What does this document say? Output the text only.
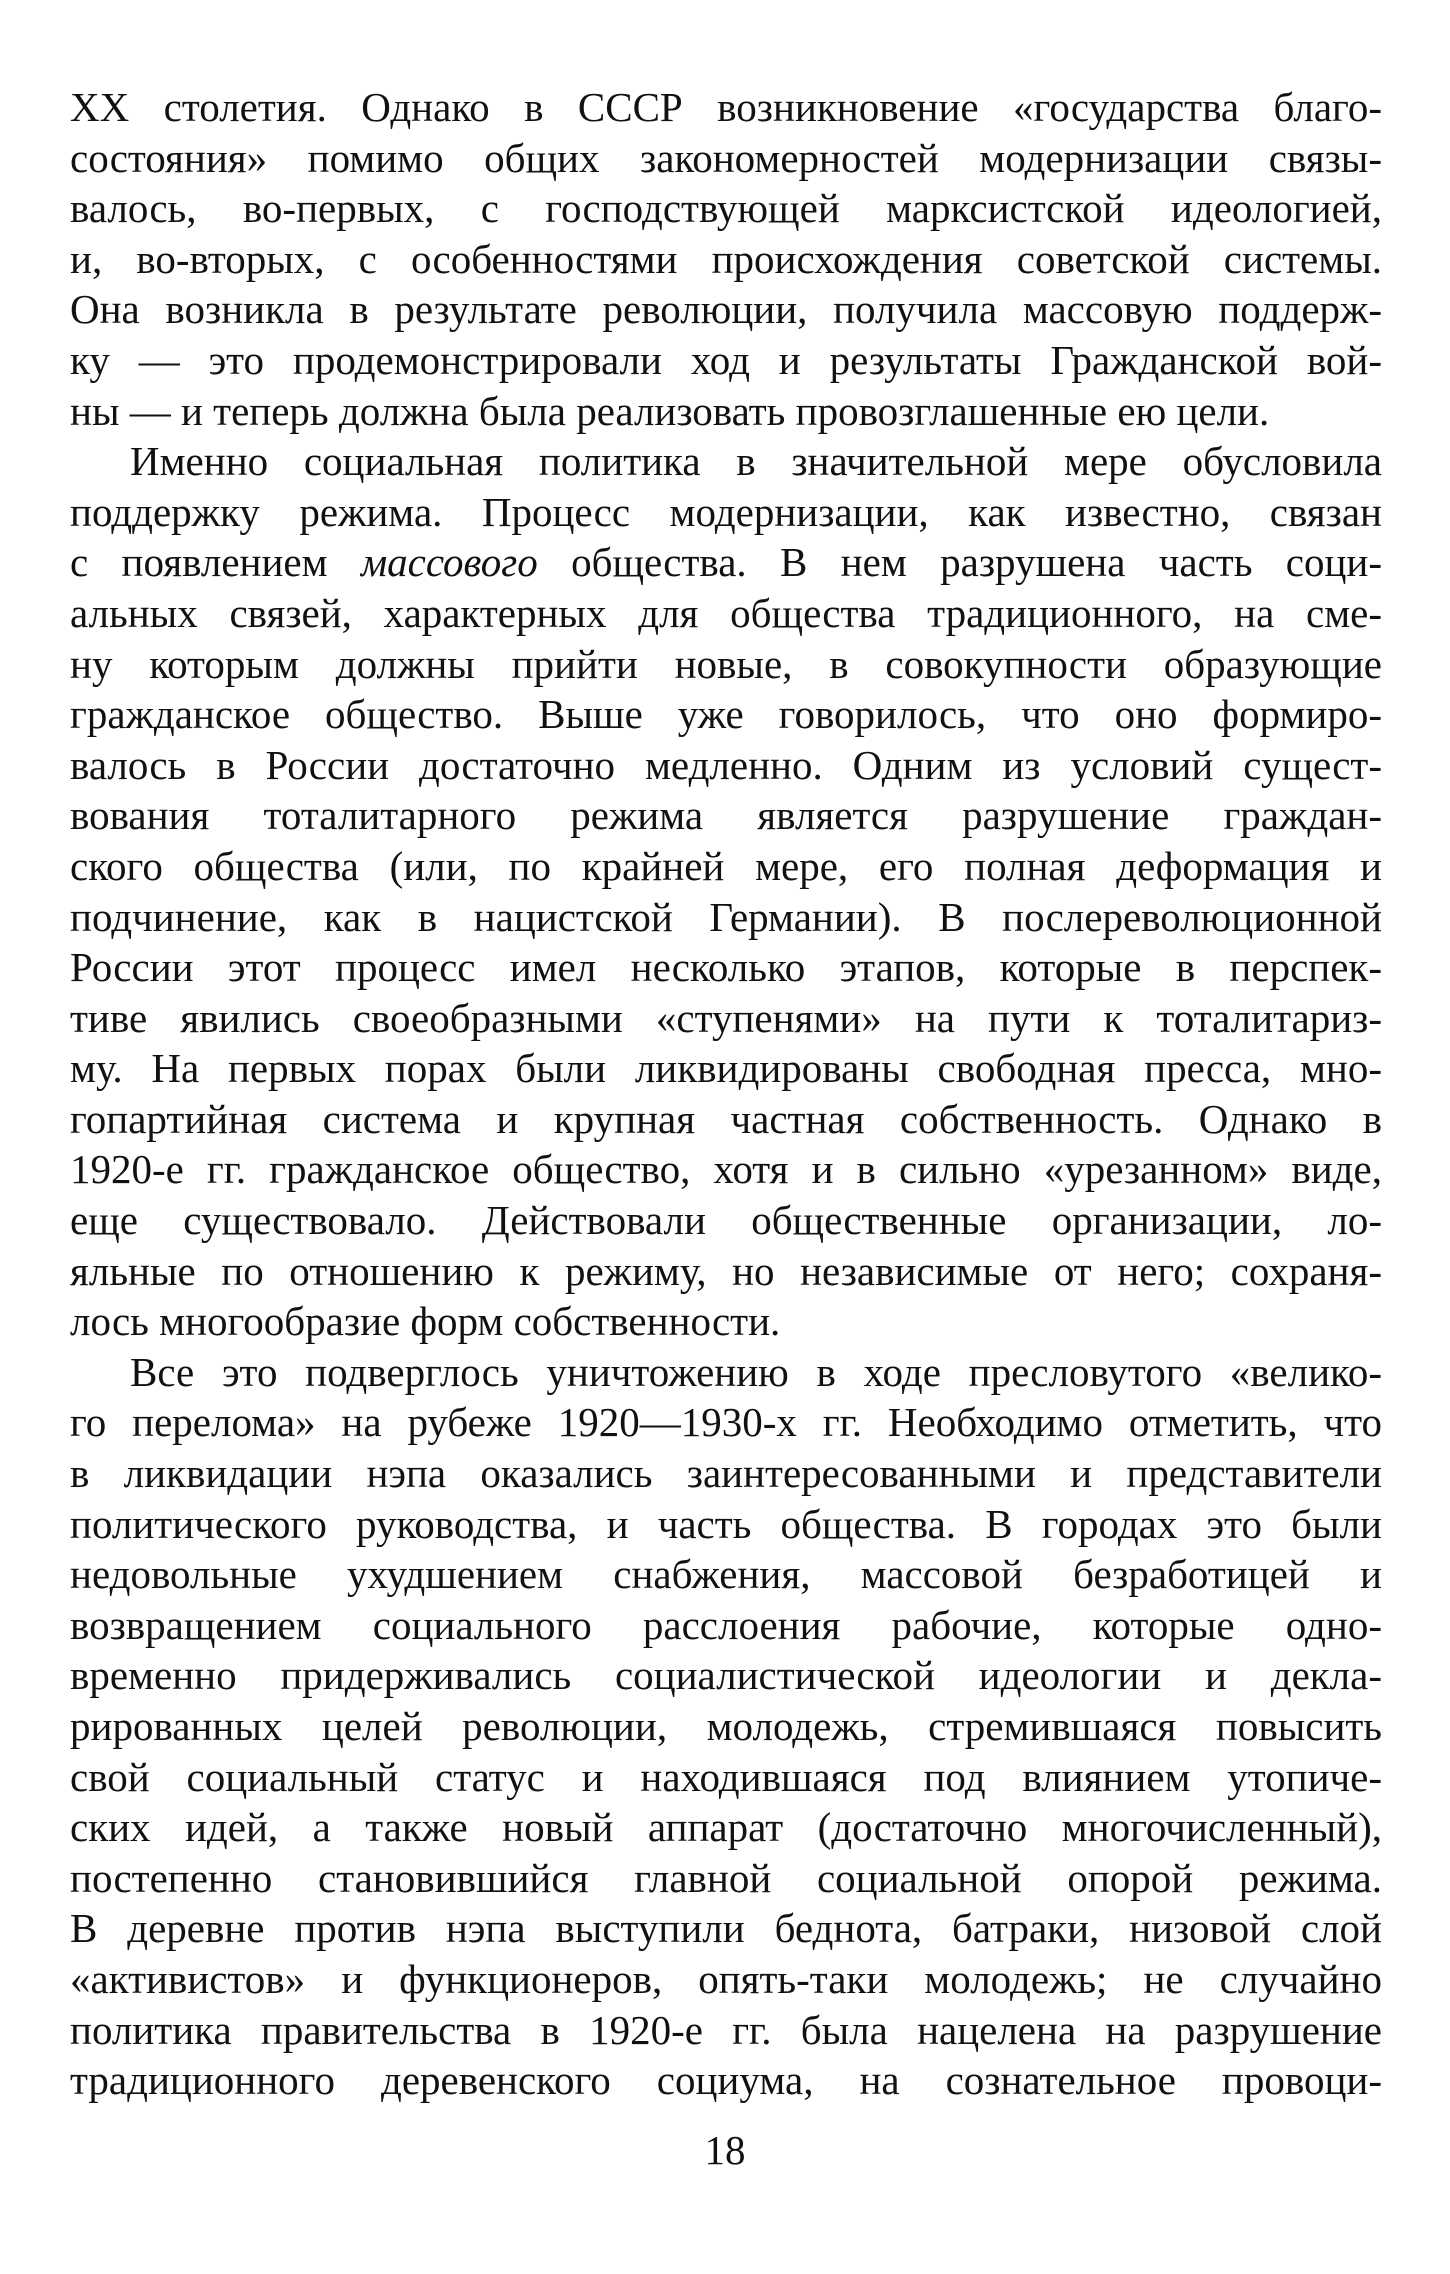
XX столетия. Однако в СССР возникновение «государства благо-
состояния» помимо общих закономерностей модернизации связы-
валось, во-первых, с господствующей марксистской идеологией,
и, во-вторых, с особенностями происхождения советской системы.
Она возникла в результате революции, получила массовую поддерж-
ку — это продемонстрировали ход и результаты Гражданской вой-
ны — и теперь должна была реализовать провозглашенные ею цели.
Именно социальная политика в значительной мере обусловила
поддержку режима. Процесс модернизации, как известно, связан
с появлением массового общества. В нем разрушена часть соци-
альных связей, характерных для общества традиционного, на сме-
ну которым должны прийти новые, в совокупности образующие
гражданское общество. Выше уже говорилось, что оно формиро-
валось в России достаточно медленно. Одним из условий сущест-
вования тоталитарного режима является разрушение граждан-
ского общества (или, по крайней мере, его полная деформация и
подчинение, как в нацистской Германии). В послереволюционной
России этот процесс имел несколько этапов, которые в перспек-
тиве явились своеобразными «ступенями» на пути к тоталитариз-
му. На первых порах были ликвидированы свободная пресса, мно-
гопартийная система и крупная частная собственность. Однако в
1920-е гг. гражданское общество, хотя и в сильно «урезанном» виде,
еще существовало. Действовали общественные организации, ло-
яльные по отношению к режиму, но независимые от него; сохраня-
лось многообразие форм собственности.
Все это подверглось уничтожению в ходе пресловутого «велико-
го перелома» на рубеже 1920—1930-х гг. Необходимо отметить, что
в ликвидации нэпа оказались заинтересованными и представители
политического руководства, и часть общества. В городах это были
недовольные ухудшением снабжения, массовой безработицей и
возвращением социального расслоения рабочие, которые одно-
временно придерживались социалистической идеологии и декла-
рированных целей революции, молодежь, стремившаяся повысить
свой социальный статус и находившаяся под влиянием утопиче-
ских идей, а также новый аппарат (достаточно многочисленный),
постепенно становившийся главной социальной опорой режима.
В деревне против нэпа выступили беднота, батраки, низовой слой
«активистов» и функционеров, опять-таки молодежь; не случайно
политика правительства в 1920-е гг. была нацелена на разрушение
традиционного деревенского социума, на сознательное провоци-
18
